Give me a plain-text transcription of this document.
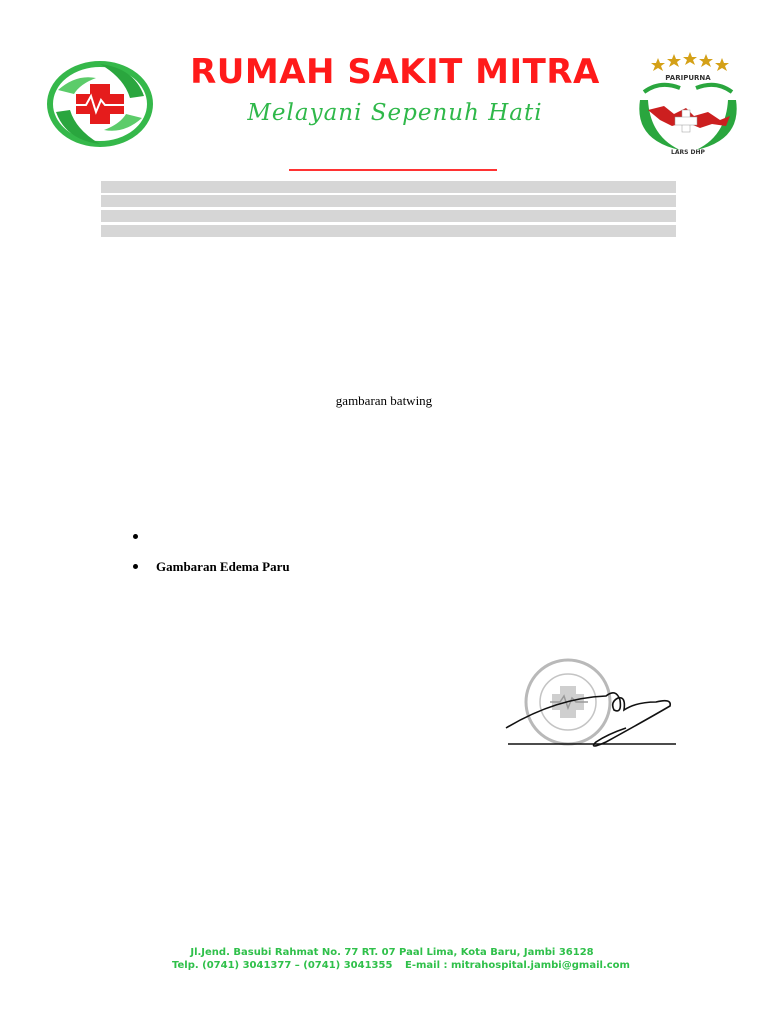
RUMAH SAKIT MITRA
Melayani Sepenuh Hati
PARIPURNA
LARS DHP
gambaran batwing
Gambaran Edema Paru
Jl.Jend. Basubi Rahmat No. 77 RT. 07 Paal Lima, Kota Baru, Jambi 36128
Telp. (0741) 3041377 – (0741) 3041355 E-mail : mitrahospital.jambi@gmail.com
